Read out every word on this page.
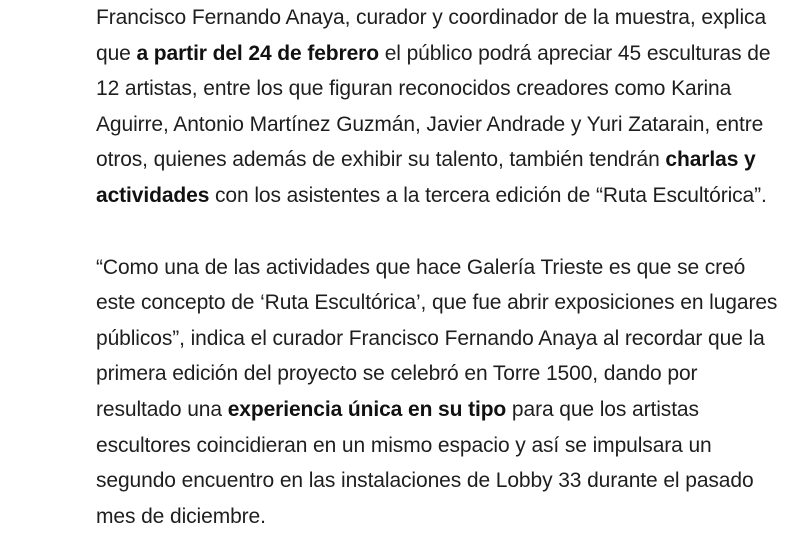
Francisco Fernando Anaya, curador y coordinador de la muestra, explica
que a partir del 24 de febrero el público podrá apreciar 45 esculturas de
12 artistas, entre los que figuran reconocidos creadores como Karina
Aguirre, Antonio Martínez Guzmán, Javier Andrade y Yuri Zatarain, entre
otros, quienes además de exhibir su talento, también tendrán charlas y
actividades con los asistentes a la tercera edición de “Ruta Escultórica”.

“Como una de las actividades que hace Galería Trieste es que se creó
este concepto de ‘Ruta Escultórica’, que fue abrir exposiciones en lugares
públicos”, indica el curador Francisco Fernando Anaya al recordar que la
primera edición del proyecto se celebró en Torre 1500, dando por
resultado una experiencia única en su tipo para que los artistas
escultores coincidieran en un mismo espacio y así se impulsara un
segundo encuentro en las instalaciones de Lobby 33 durante el pasado
mes de diciembre.
